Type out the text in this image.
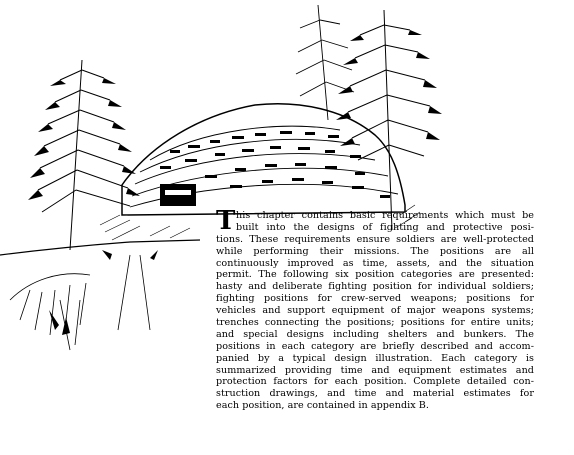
T his chapter contains basic requirements which must be
built into the designs of fighting and protective posi-
tions. These requirements ensure soldiers are well-protected
while performing their missions. The positions are all
continuously improved as time, assets, and the situation
permit. The following six position categories are presented:
hasty and deliberate fighting position for individual soldiers;
fighting positions for crew-served weapons; positions for
vehicles and support equipment of major weapons systems;
trenches connecting the positions; positions for entire units;
and special designs including shelters and bunkers. The
positions in each category are briefly described and accom-
panied by a typical design illustration. Each category is
summarized providing time and equipment estimates and
protection factors for each position. Complete detailed con-
struction drawings, and time and material estimates for
each position, are contained in appendix B.
